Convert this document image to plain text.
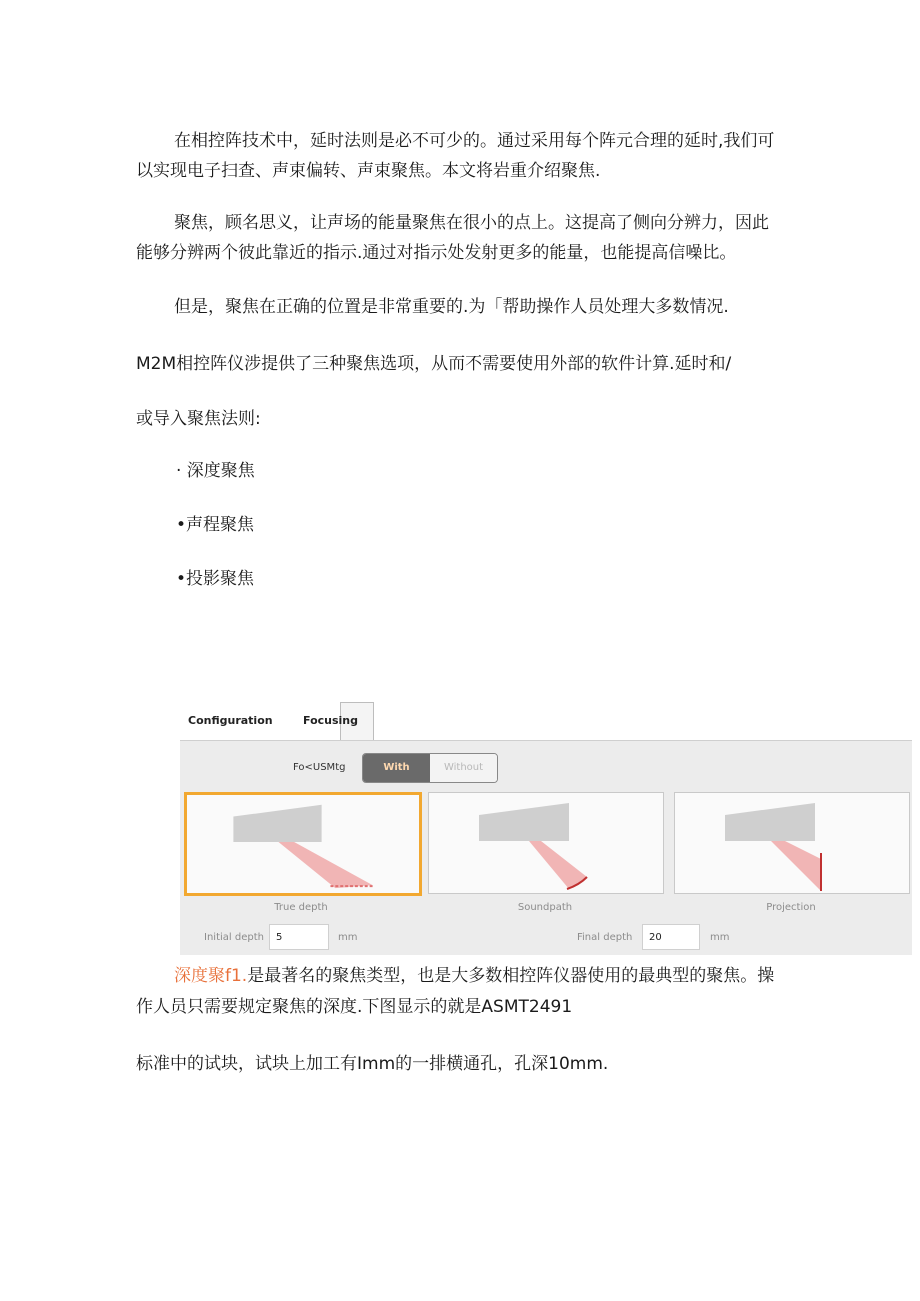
在相控阵技术中，延时法则是必不可少的。通过采用每个阵元合理的延时,我们可
以实现电子扫查、声束偏转、声束聚焦。本文将岩重介绍聚焦.
聚焦，顾名思义，让声场的能量聚焦在很小的点上。这提高了侧向分辨力，因此
能够分辨两个彼此靠近的指示.通过对指示处发射更多的能量，也能提高信噪比。
但是，聚焦在正确的位置是非常重要的.为「帮助操作人员处理大多数情况.
M2M相控阵仪涉提供了三种聚焦选项，从而不需要使用外部的软件计算.延时和/
或导入聚焦法则:
· 深度聚焦
•声程聚焦
•投影聚焦
Configuration	Focusing
Fo<USMtg	With	Without
True depth	Soundpath	Projection
Initial depth	5	mm	Final depth	20	mm
深度聚f1.是最著名的聚焦类型，也是大多数相控阵仪器使用的最典型的聚焦。操
作人员只需要规定聚焦的深度.下图显示的就是ASMT2491
标准中的试块，试块上加工有Imm的一排横通孔，孔深10mm.
